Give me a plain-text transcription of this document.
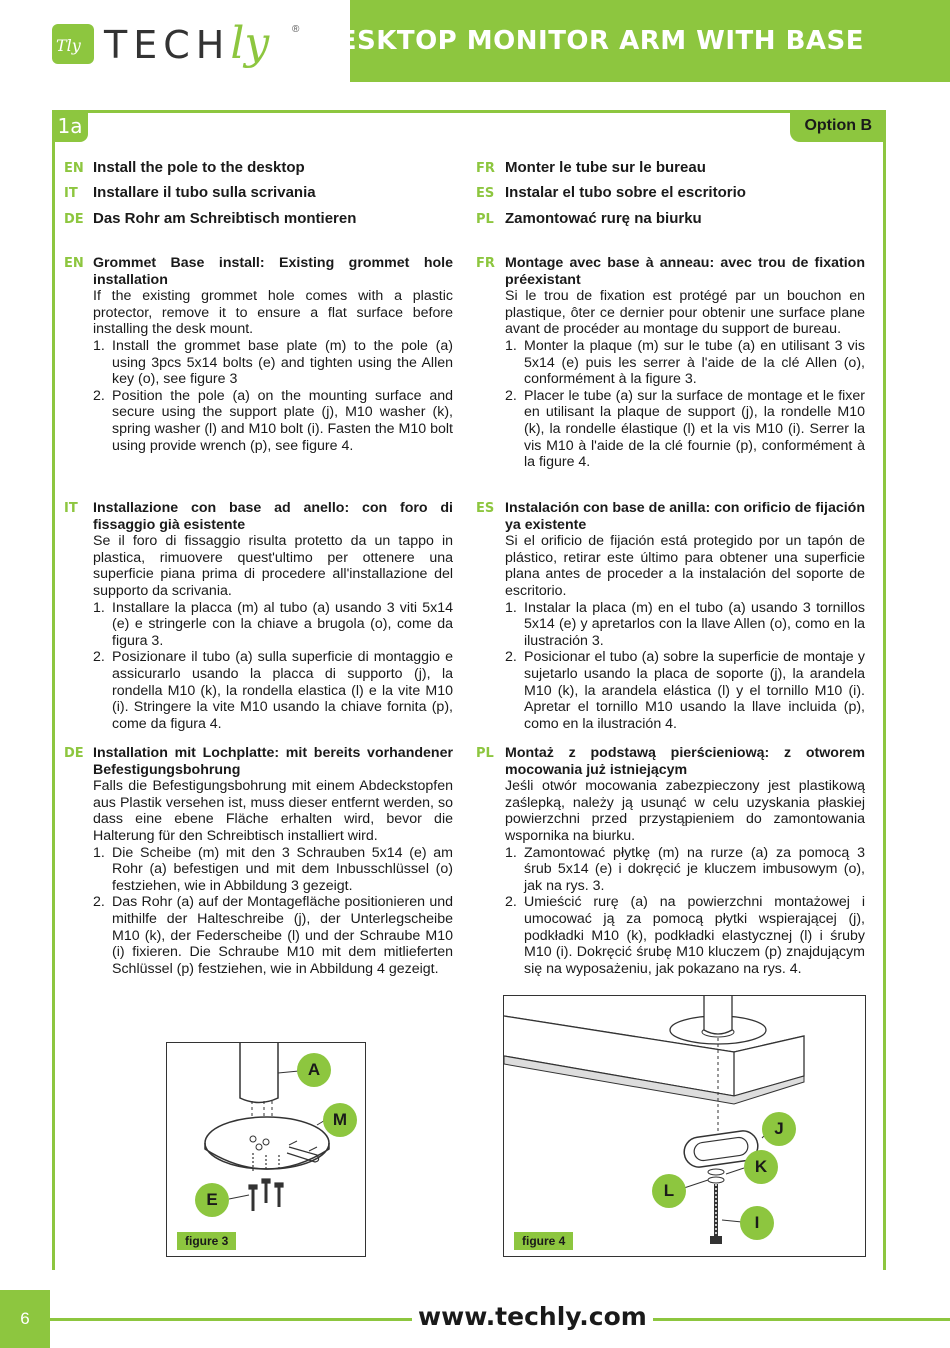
Tly TECHly ® DESKTOP MONITOR ARM WITH BASE
1a	Option B
EN Install the pole to the desktop
IT Installare il tubo sulla scrivania
DE Das Rohr am Schreibtisch montieren
FR Monter le tube sur le bureau
ES Instalar el tubo sobre el escritorio
PL Zamontować rurę na biurku
EN Grommet Base install: Existing grommet hole installation
If the existing grommet hole comes with a plastic protector, remove it to ensure a flat surface before installing the desk mount.
1. Install the grommet base plate (m) to the pole (a) using 3pcs 5x14 bolts (e) and tighten using the Allen key (o), see figure 3
2. Position the pole (a) on the mounting surface and secure using the support plate (j), M10 washer (k), spring washer (l) and M10 bolt (i). Fasten the M10 bolt using provide wrench (p), see figure 4.
FR Montage avec base à anneau: avec trou de fixation préexistant
Si le trou de fixation est protégé par un bouchon en plastique, ôter ce dernier pour obtenir une surface plane avant de procéder au montage du support de bureau.
1. Monter la plaque (m) sur le tube (a) en utilisant 3 vis 5x14 (e) puis les serrer à l'aide de la clé Allen (o), conformément à la figure 3.
2. Placer le tube (a) sur la surface de montage et le fixer en utilisant la plaque de support (j), la rondelle M10 (k), la rondelle élastique (l) et la vis M10 (i). Serrer la vis M10 à l'aide de la clé fournie (p), conformément à la figure 4.
IT Installazione con base ad anello: con foro di fissaggio già esistente
Se il foro di fissaggio risulta protetto da un tappo in plastica, rimuovere quest'ultimo per ottenere una superficie piana prima di procedere all'installazione del supporto da scrivania.
1. Installare la placca (m) al tubo (a) usando 3 viti 5x14 (e) e stringerle con la chiave a brugola (o), come da figura 3.
2. Posizionare il tubo (a) sulla superficie di montaggio e assicurarlo usando la placca di supporto (j), la rondella M10 (k), la rondella elastica (l) e la vite M10 (i). Stringere la vite M10 usando la chiave fornita (p), come da figura 4.
ES Instalación con base de anilla: con orificio de fijación ya existente
Si el orificio de fijación está protegido por un tapón de plástico, retirar este último para obtener una superficie plana antes de proceder a la instalación del soporte de escritorio.
1. Instalar la placa (m) en el tubo (a) usando 3 tornillos 5x14 (e) y apretarlos con la llave Allen (o), como en la ilustración 3.
2. Posicionar el tubo (a) sobre la superficie de montaje y sujetarlo usando la placa de soporte (j), la arandela M10 (k), la arandela elástica (l) y el tornillo M10 (i). Apretar el tornillo M10 usando la llave incluida (p), como en la ilustración 4.
DE Installation mit Lochplatte: mit bereits vorhandener Befestigungsbohrung
Falls die Befestigungsbohrung mit einem Abdeckstopfen aus Plastik versehen ist, muss dieser entfernt werden, so dass eine ebene Fläche erhalten wird, bevor die Halterung für den Schreibtisch installiert wird.
1. Die Scheibe (m) mit den 3 Schrauben 5x14 (e) am Rohr (a) befestigen und mit dem Inbusschlüssel (o) festziehen, wie in Abbildung 3 gezeigt.
2. Das Rohr (a) auf der Montagefläche positionieren und mithilfe der Halteschreibe (j), der Unterlegscheibe M10 (k), der Federscheibe (l) und der Schraube M10 (i) fixieren. Die Schraube M10 mit dem mitlieferten Schlüssel (p) festziehen, wie in Abbildung 4 gezeigt.
PL Montaż z podstawą pierścieniową: z otworem mocowania już istniejącym
Jeśli otwór mocowania zabezpieczony jest plastikową zaślepką, należy ją usunąć w celu uzyskania płaskiej powierzchni przed przystąpieniem do zamontowania wspornika na biurku.
1. Zamontować płytkę (m) na rurze (a) za pomocą 3 śrub 5x14 (e) i dokręcić je kluczem imbusowym (o), jak na rys. 3.
2. Umieścić rurę (a) na powierzchni montażowej i umocować ją za pomocą płytki wspierającej (j), podkładki M10 (k), podkładki elastycznej (l) i śruby M10 (i). Dokręcić śrubę M10 kluczem (p) znajdującym się na wyposażeniu, jak pokazano na rys. 4.
A
M
E
figure 3
J
K
L
I
figure 4
6	www.techly.com
